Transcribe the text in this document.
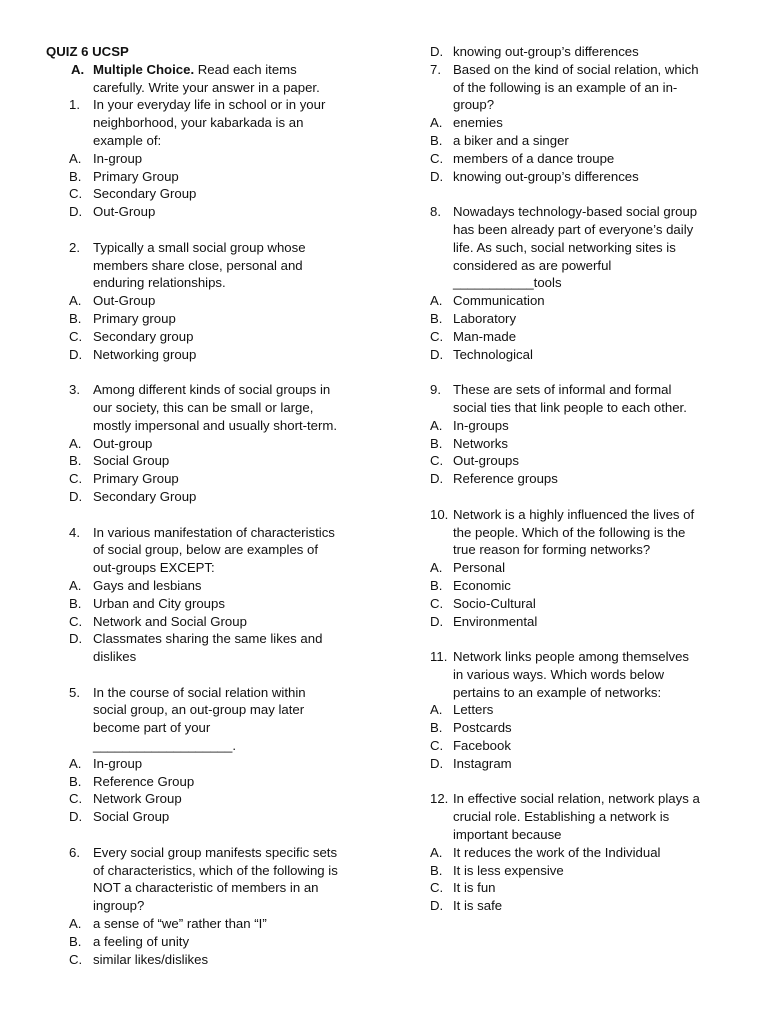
QUIZ 6 UCSP
A. Multiple Choice. Read each items
carefully. Write your answer in a paper.
1. In your everyday life in school or in your
neighborhood, your kabarkada is an
example of:
A. In-group
B. Primary Group
C. Secondary Group
D. Out-Group
2. Typically a small social group whose
members share close, personal and
enduring relationships.
A. Out-Group
B. Primary group
C. Secondary group
D. Networking group
3. Among different kinds of social groups in
our society, this can be small or large,
mostly impersonal and usually short-term.
A. Out-group
B. Social Group
C. Primary Group
D. Secondary Group
4. In various manifestation of characteristics
of social group, below are examples of
out-groups EXCEPT:
A. Gays and lesbians
B. Urban and City groups
C. Network and Social Group
D. Classmates sharing the same likes and
dislikes
5. In the course of social relation within
social group, an out-group may later
become part of your
___________________.
A. In-group
B. Reference Group
C. Network Group
D. Social Group
6. Every social group manifests specific sets
of characteristics, which of the following is
NOT a characteristic of members in an
ingroup?
A. a sense of “we” rather than “I”
B. a feeling of unity
C. similar likes/dislikes
D. knowing out-group’s differences
7. Based on the kind of social relation, which
of the following is an example of an in-
group?
A. enemies
B. a biker and a singer
C. members of a dance troupe
D. knowing out-group’s differences
8. Nowadays technology-based social group
has been already part of everyone’s daily
life. As such, social networking sites is
considered as are powerful
___________tools
A. Communication
B. Laboratory
C. Man-made
D. Technological
9. These are sets of informal and formal
social ties that link people to each other.
A. In-groups
B. Networks
C. Out-groups
D. Reference groups
10. Network is a highly influenced the lives of
the people. Which of the following is the
true reason for forming networks?
A. Personal
B. Economic
C. Socio-Cultural
D. Environmental
11. Network links people among themselves
in various ways. Which words below
pertains to an example of networks:
A. Letters
B. Postcards
C. Facebook
D. Instagram
12. In effective social relation, network plays a
crucial role. Establishing a network is
important because
A. It reduces the work of the Individual
B. It is less expensive
C. It is fun
D. It is safe
